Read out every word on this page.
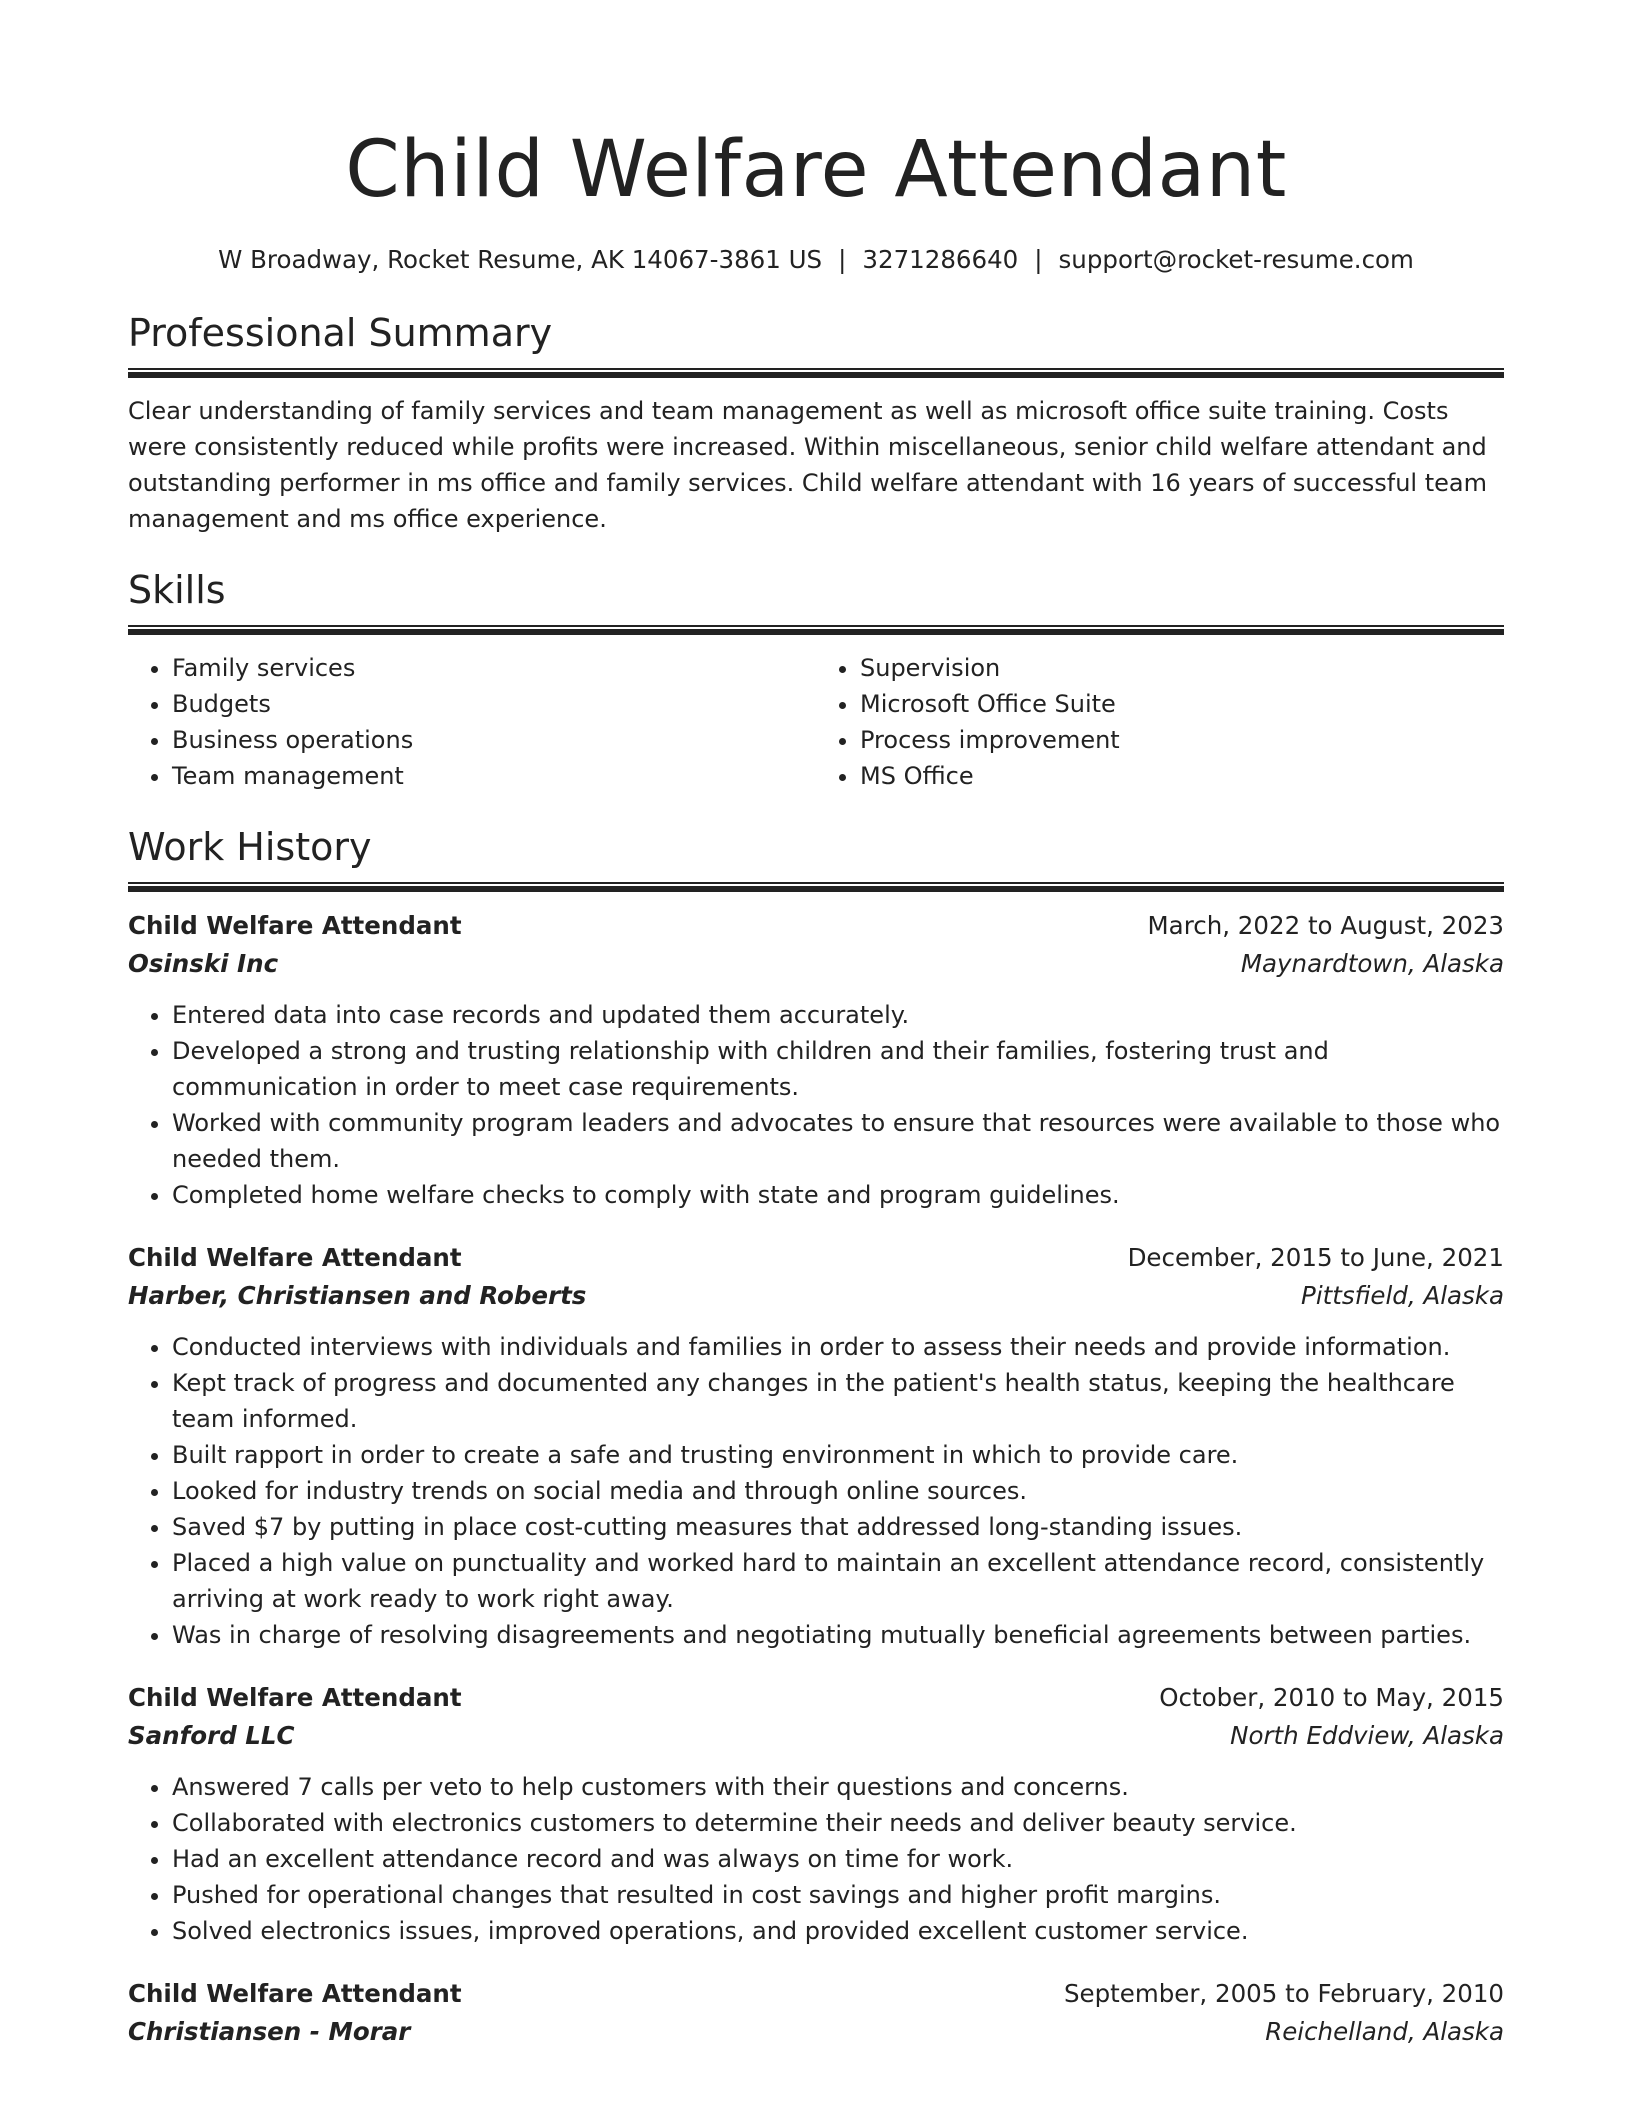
Child Welfare Attendant
W Broadway, Rocket Resume, AK 14067-3861 US | 3271286640 | support@rocket-resume.com
Professional Summary

Clear understanding of family services and team management as well as microsoft office suite training. Costs were consistently reduced while profits were increased. Within miscellaneous, senior child welfare attendant and outstanding performer in ms office and family services. Child welfare attendant with 16 years of successful team management and ms office experience.

Skills
• Family services
• Budgets
• Business operations
• Team management
• Supervision
• Microsoft Office Suite
• Process improvement
• MS Office
Work History
Child Welfare Attendant	March, 2022 to August, 2023
Osinski Inc	Maynardtown, Alaska
• Entered data into case records and updated them accurately.
• Developed a strong and trusting relationship with children and their families, fostering trust and communication in order to meet case requirements.
• Worked with community program leaders and advocates to ensure that resources were available to those who needed them.
• Completed home welfare checks to comply with state and program guidelines.
Child Welfare Attendant	December, 2015 to June, 2021
Harber, Christiansen and Roberts	Pittsfield, Alaska
• Conducted interviews with individuals and families in order to assess their needs and provide information.
• Kept track of progress and documented any changes in the patient's health status, keeping the healthcare team informed.
• Built rapport in order to create a safe and trusting environment in which to provide care.
• Looked for industry trends on social media and through online sources.
• Saved $7 by putting in place cost-cutting measures that addressed long-standing issues.
• Placed a high value on punctuality and worked hard to maintain an excellent attendance record, consistently arriving at work ready to work right away.
• Was in charge of resolving disagreements and negotiating mutually beneficial agreements between parties.
Child Welfare Attendant	October, 2010 to May, 2015
Sanford LLC	North Eddview, Alaska
• Answered 7 calls per veto to help customers with their questions and concerns.
• Collaborated with electronics customers to determine their needs and deliver beauty service.
• Had an excellent attendance record and was always on time for work.
• Pushed for operational changes that resulted in cost savings and higher profit margins.
• Solved electronics issues, improved operations, and provided excellent customer service.
Child Welfare Attendant	September, 2005 to February, 2010
Christiansen - Morar	Reichelland, Alaska
